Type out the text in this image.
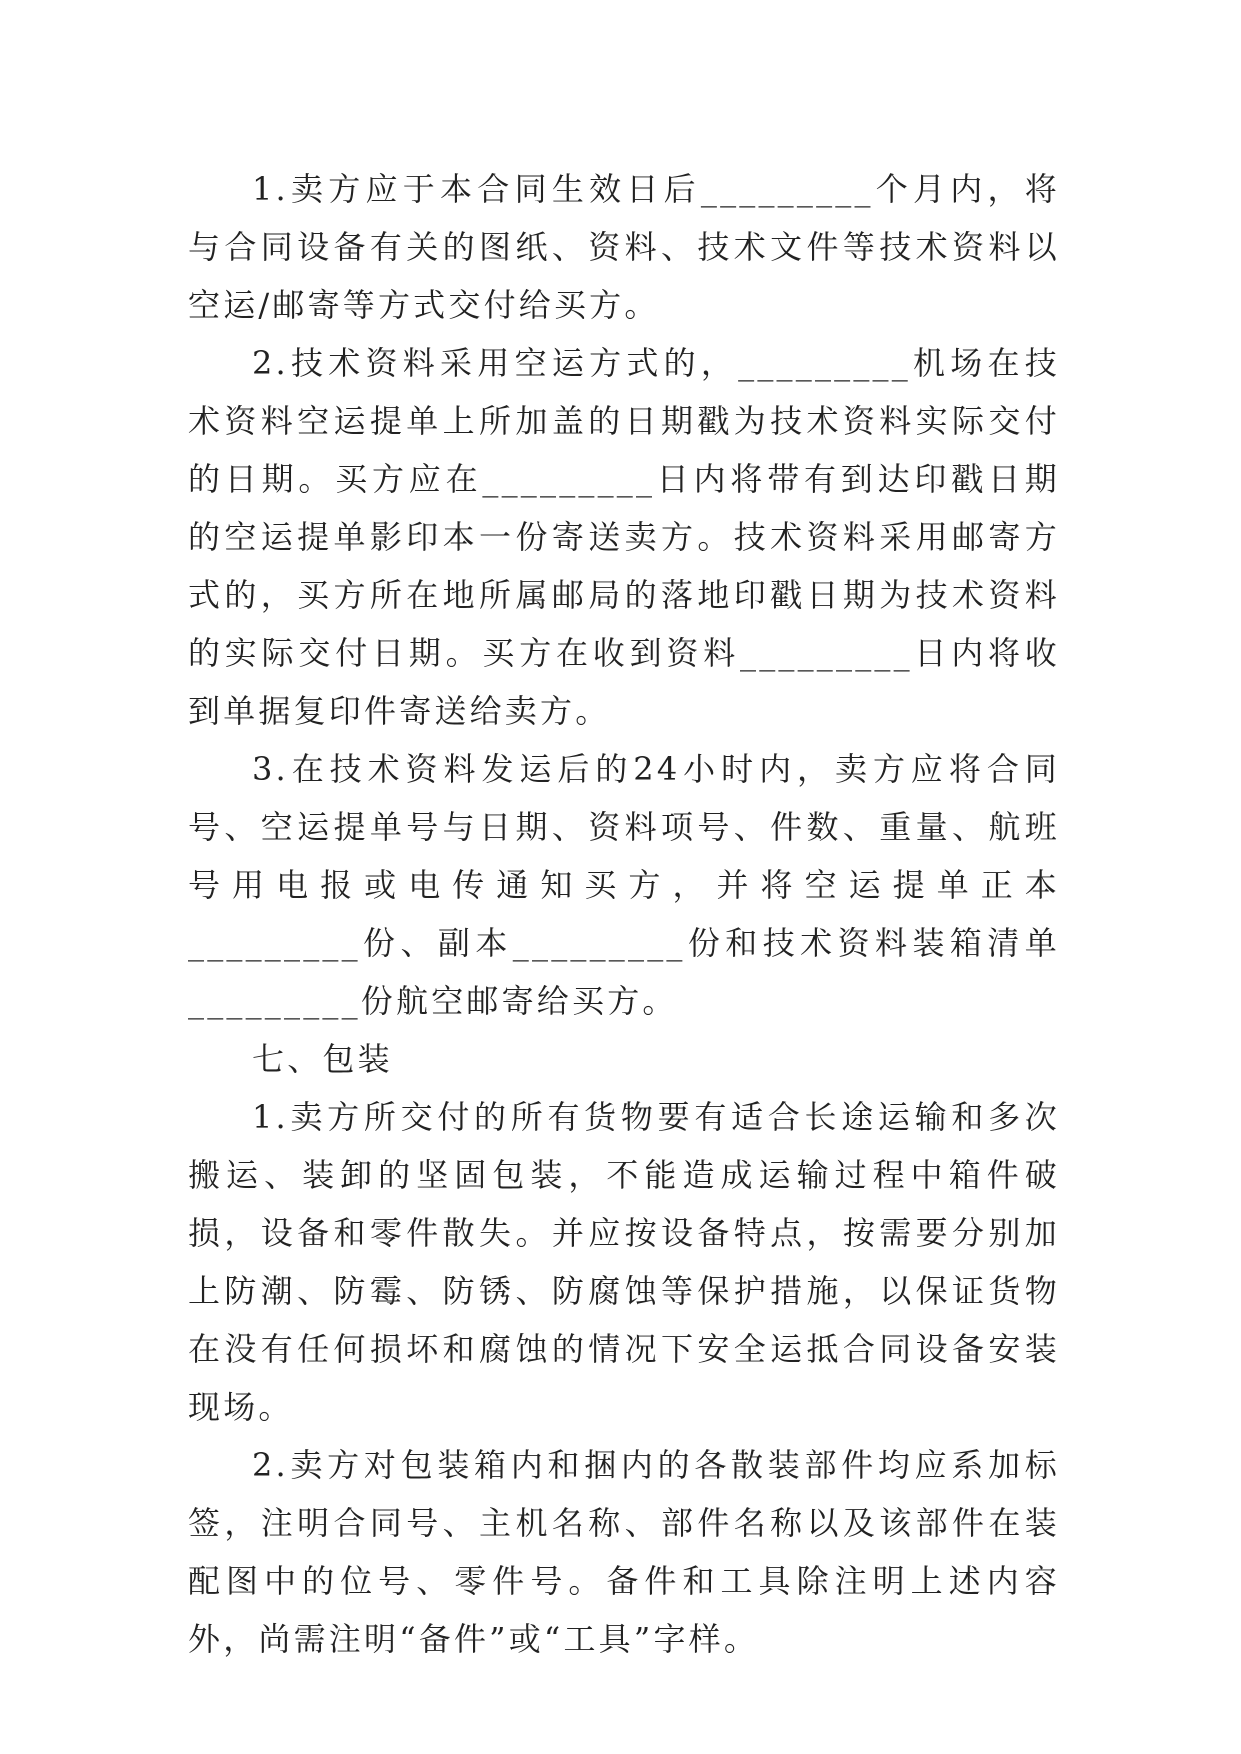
1.卖方应于本合同生效日后_________个月内，将与合同设备有关的图纸、资料、技术文件等技术资料以空运/邮寄等方式交付给买方。

2.技术资料采用空运方式的，_________机场在技术资料空运提单上所加盖的日期戳为技术资料实际交付的日期。买方应在_________日内将带有到达印戳日期的空运提单影印本一份寄送卖方。技术资料采用邮寄方式的，买方所在地所属邮局的落地印戳日期为技术资料的实际交付日期。买方在收到资料_________日内将收到单据复印件寄送给卖方。

3.在技术资料发运后的24小时内，卖方应将合同号、空运提单号与日期、资料项号、件数、重量、航班号用电报或电传通知买方，并将空运提单正本_________份、副本_________份和技术资料装箱清单_________份航空邮寄给买方。

七、包装

1.卖方所交付的所有货物要有适合长途运输和多次搬运、装卸的坚固包装，不能造成运输过程中箱件破损，设备和零件散失。并应按设备特点，按需要分别加上防潮、防霉、防锈、防腐蚀等保护措施，以保证货物在没有任何损坏和腐蚀的情况下安全运抵合同设备安装现场。

2.卖方对包装箱内和捆内的各散装部件均应系加标签，注明合同号、主机名称、部件名称以及该部件在装配图中的位号、零件号。备件和工具除注明上述内容外，尚需注明“备件”或“工具”字样。
